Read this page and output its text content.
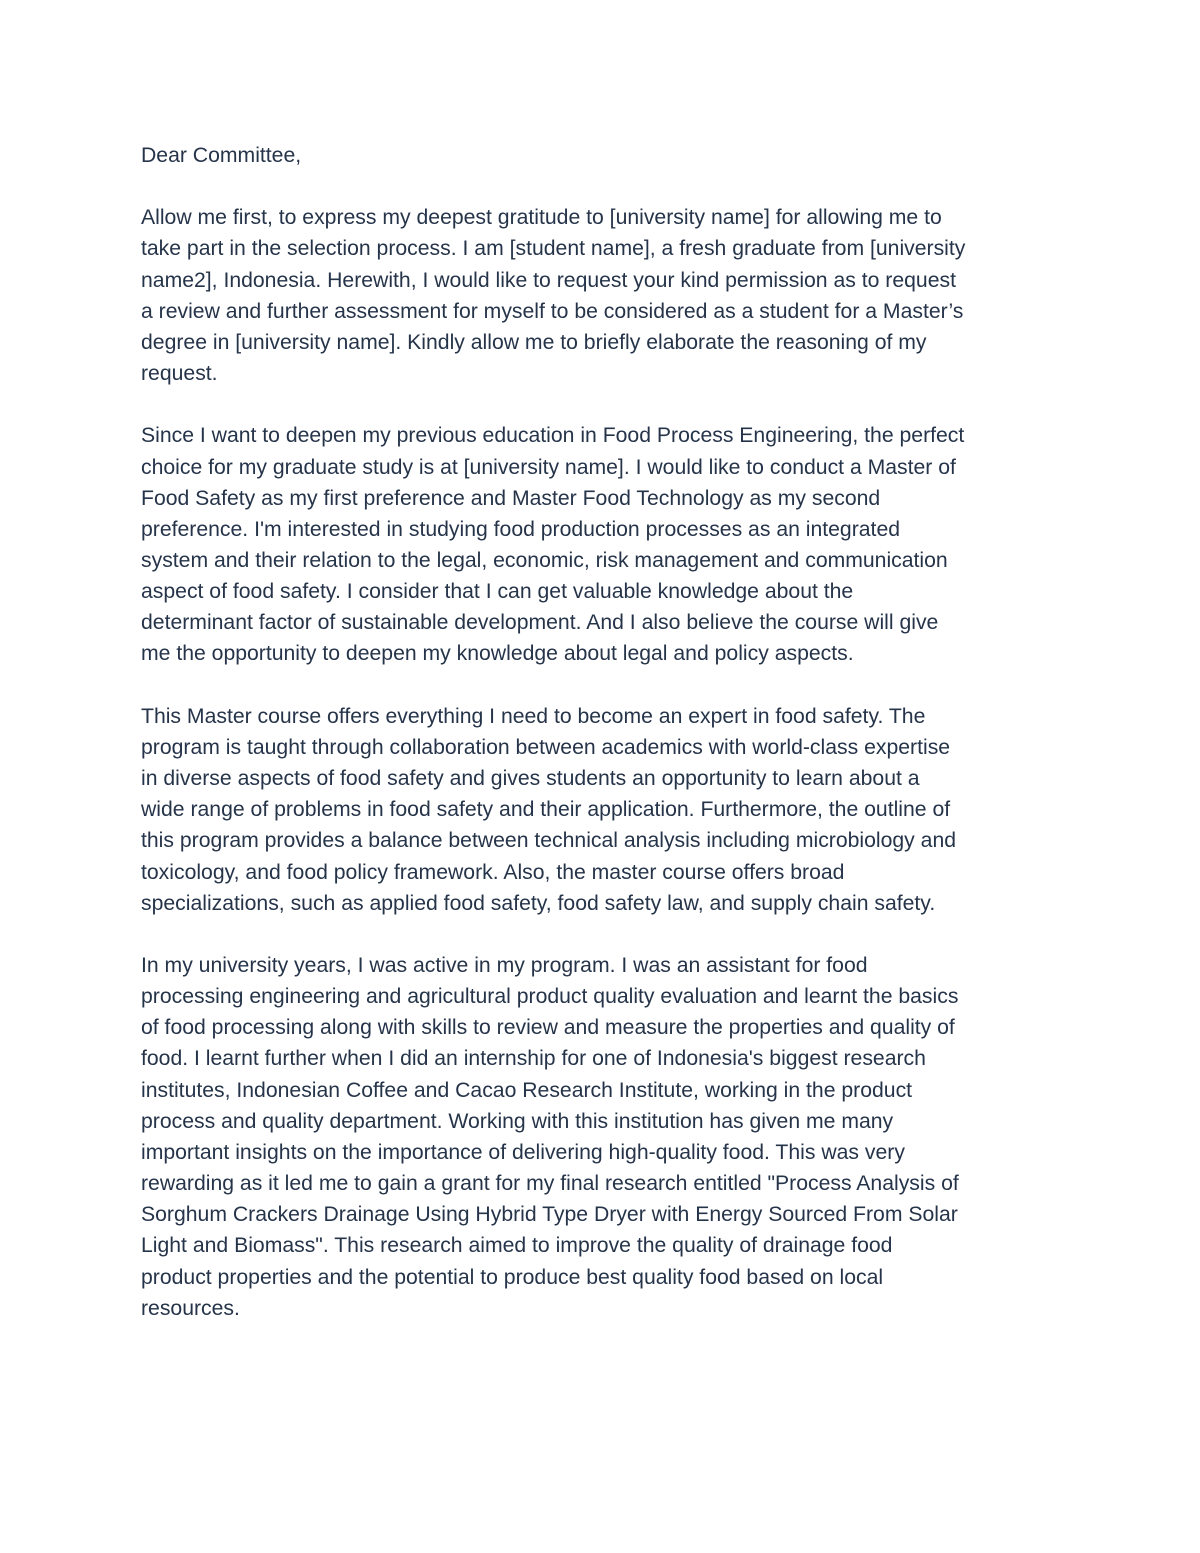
Dear Committee,
Allow me first, to express my deepest gratitude to [university name] for allowing me to
take part in the selection process. I am [student name], a fresh graduate from [university
name2], Indonesia. Herewith, I would like to request your kind permission as to request
a review and further assessment for myself to be considered as a student for a Master’s
degree in [university name]. Kindly allow me to briefly elaborate the reasoning of my
request.
Since I want to deepen my previous education in Food Process Engineering, the perfect
choice for my graduate study is at [university name]. I would like to conduct a Master of
Food Safety as my first preference and Master Food Technology as my second
preference. I'm interested in studying food production processes as an integrated
system and their relation to the legal, economic, risk management and communication
aspect of food safety. I consider that I can get valuable knowledge about the
determinant factor of sustainable development. And I also believe the course will give
me the opportunity to deepen my knowledge about legal and policy aspects.
This Master course offers everything I need to become an expert in food safety. The
program is taught through collaboration between academics with world-class expertise
in diverse aspects of food safety and gives students an opportunity to learn about a
wide range of problems in food safety and their application. Furthermore, the outline of
this program provides a balance between technical analysis including microbiology and
toxicology, and food policy framework. Also, the master course offers broad
specializations, such as applied food safety, food safety law, and supply chain safety.
In my university years, I was active in my program. I was an assistant for food
processing engineering and agricultural product quality evaluation and learnt the basics
of food processing along with skills to review and measure the properties and quality of
food. I learnt further when I did an internship for one of Indonesia's biggest research
institutes, Indonesian Coffee and Cacao Research Institute, working in the product
process and quality department. Working with this institution has given me many
important insights on the importance of delivering high-quality food. This was very
rewarding as it led me to gain a grant for my final research entitled "Process Analysis of
Sorghum Crackers Drainage Using Hybrid Type Dryer with Energy Sourced From Solar
Light and Biomass". This research aimed to improve the quality of drainage food
product properties and the potential to produce best quality food based on local
resources.
